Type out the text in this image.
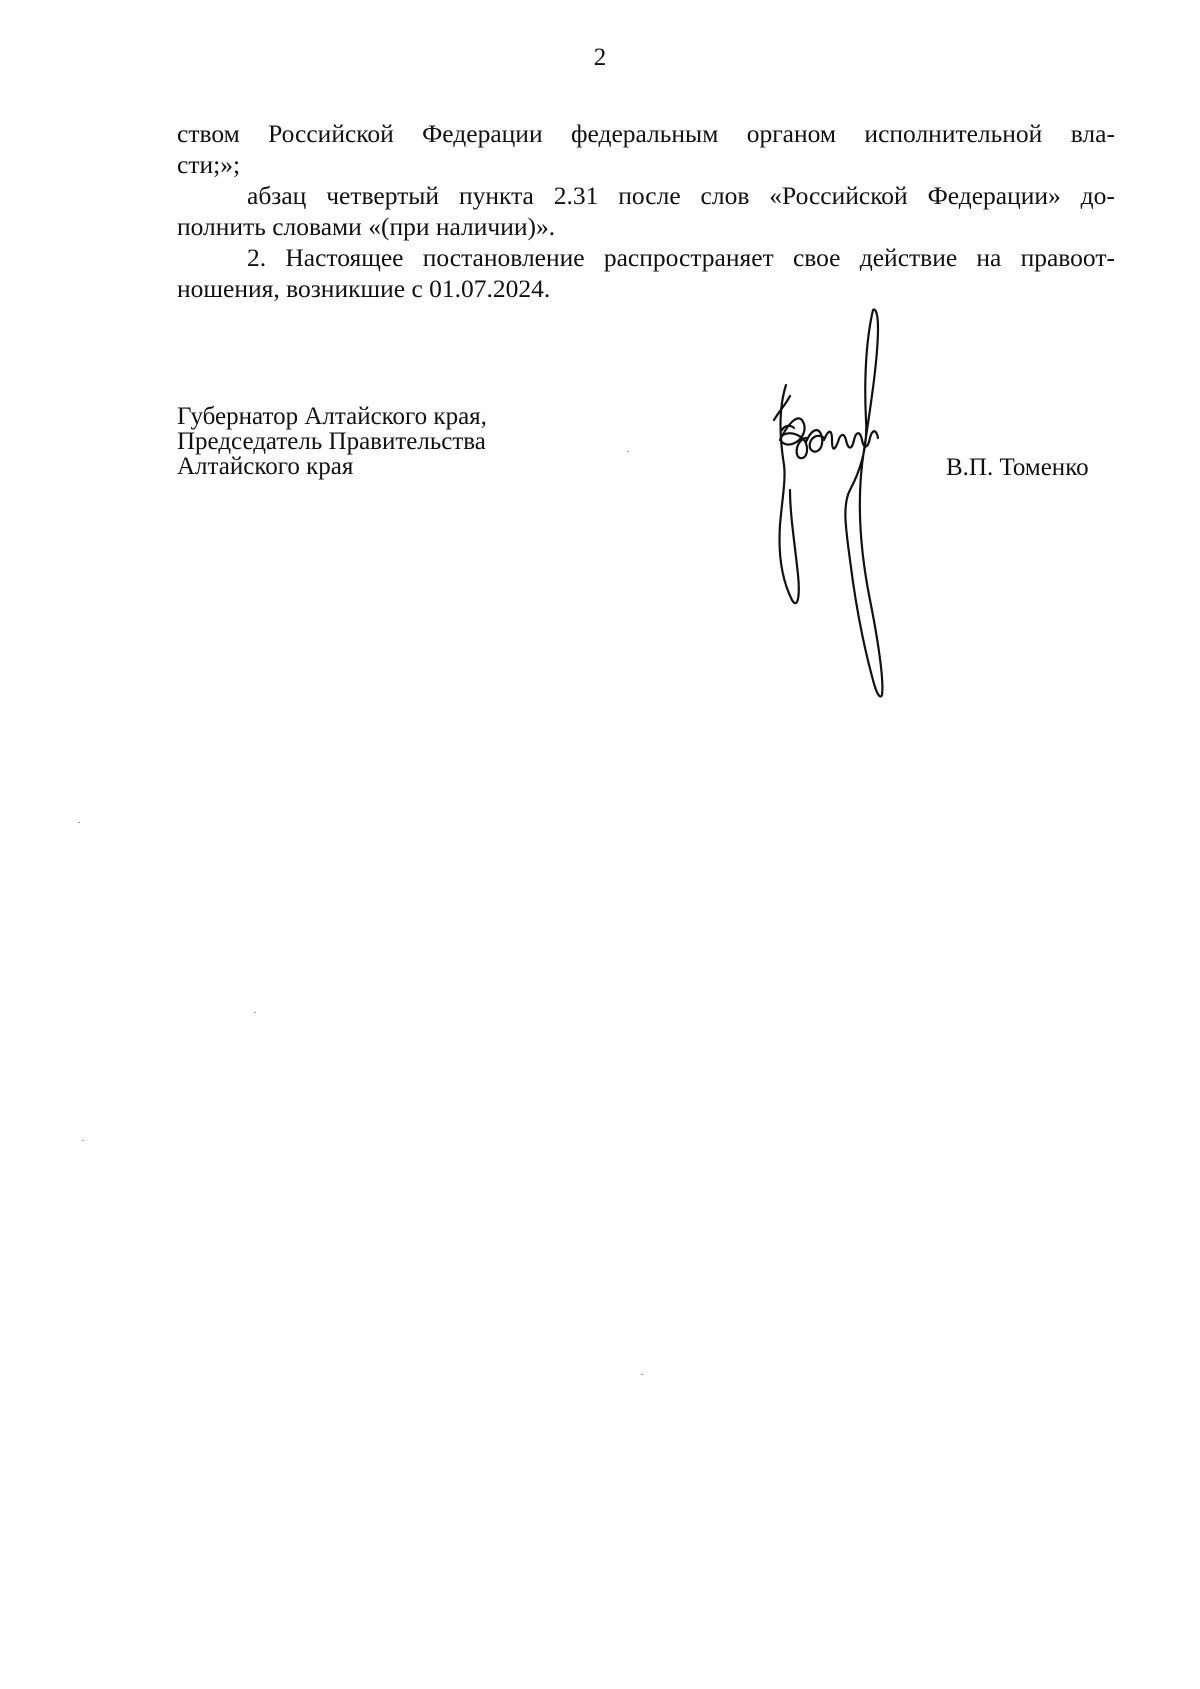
2
ством Российской Федерации федеральным органом исполнительной вла-
сти;»;
абзац четвертый пункта 2.31 после слов «Российской Федерации» до-
полнить словами «(при наличии)».
2. Настоящее постановление распространяет свое действие на правоот-
ношения, возникшие с 01.07.2024.
Губернатор Алтайского края,
Председатель Правительства
Алтайского края	В.П. Томенко
